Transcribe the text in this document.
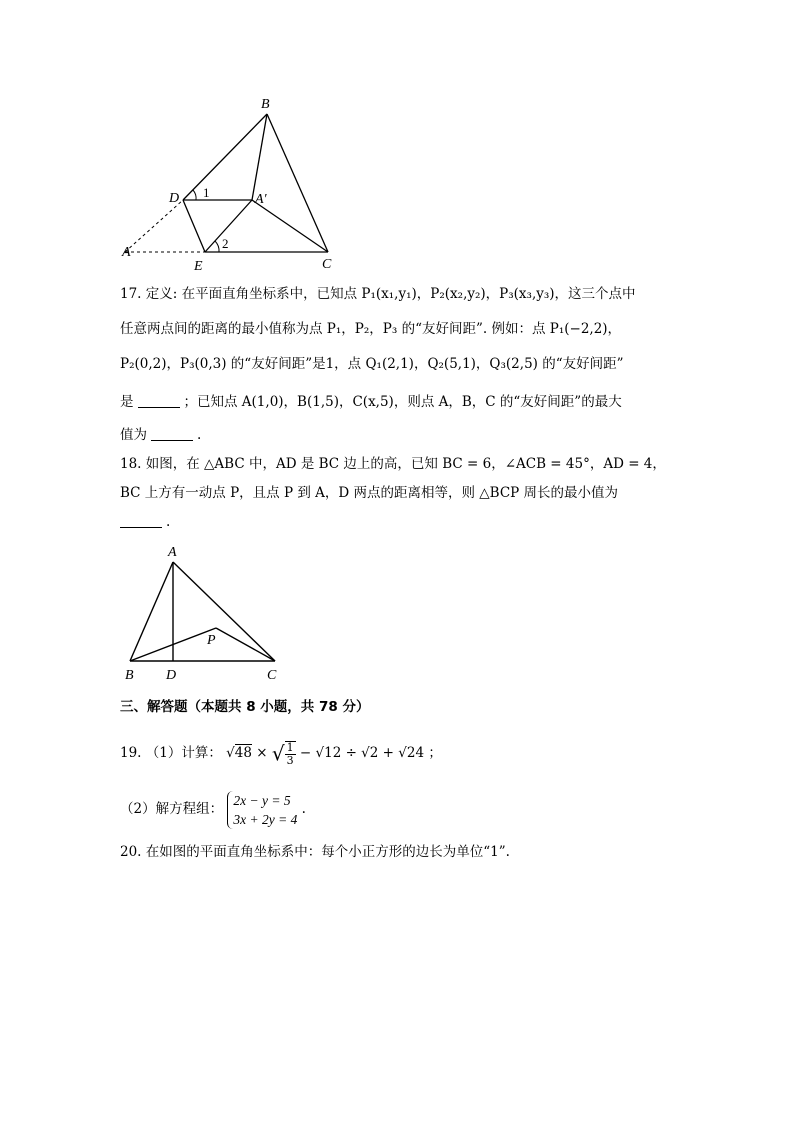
B
D 1	A′
A
2
E	C
17. 定义: 在平面直角坐标系中，已知点 P₁(x₁,y₁)，P₂(x₂,y₂)，P₃(x₃,y₃)，这三个点中
任意两点间的距离的最小值称为点 P₁，P₂，P₃ 的“友好间距”. 例如：点 P₁(−2,2)，
P₂(0,2)，P₃(0,3) 的“友好间距”是1，点 Q₁(2,1)，Q₂(5,1)，Q₃(2,5) 的“友好间距”
是	；已知点 A(1,0)，B(1,5)，C(x,5)，则点 A，B，C 的“友好间距”的最大
值为	.
18. 如图，在 △ABC 中，AD 是 BC 边上的高，已知 BC = 6，∠ACB = 45°，AD = 4，
BC 上方有一动点 P，且点 P 到 A，D 两点的距离相等，则 △BCP 周长的最小值为
.
A
P
B D	C
三、解答题（本题共 8 小题，共 78 分）
19. （1）计算： √48 × √ $\frac{1}{3} - √12 \div √2 + √24$ ；
（2）解方程组：
2x − y = 5
3x + 2y = 4
.
20. 在如图的平面直角坐标系中：每个小正方形的边长为单位“1”.
